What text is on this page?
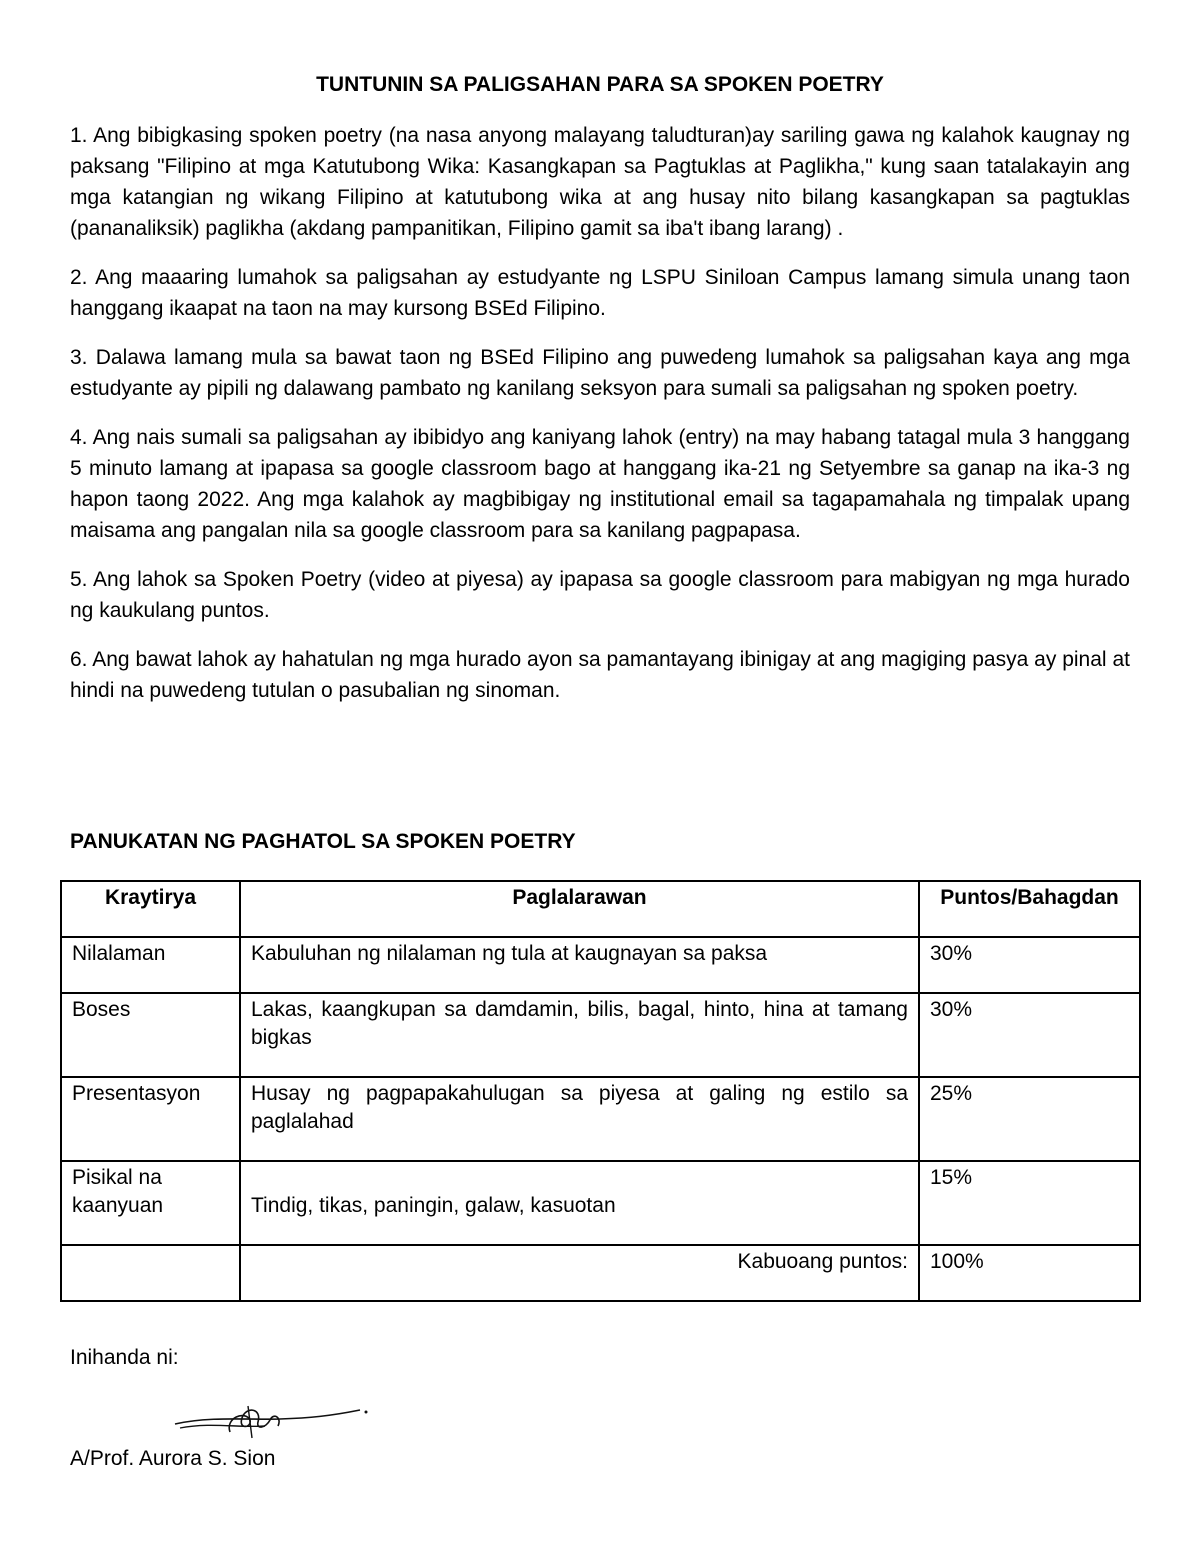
TUNTUNIN SA PALIGSAHAN PARA SA SPOKEN POETRY

1. Ang bibigkasing spoken poetry (na nasa anyong malayang taludturan)ay sariling gawa ng kalahok kaugnay ng paksang "Filipino at mga Katutubong Wika: Kasangkapan sa Pagtuklas at Paglikha," kung saan tatalakayin ang mga katangian ng wikang Filipino at katutubong wika at ang husay nito bilang kasangkapan sa pagtuklas (pananaliksik) paglikha (akdang pampanitikan, Filipino gamit sa iba't ibang larang) .

2. Ang maaaring lumahok sa paligsahan ay estudyante ng LSPU Siniloan Campus lamang simula unang taon hanggang ikaapat na taon na may kursong BSEd Filipino.

3. Dalawa lamang mula sa bawat taon ng BSEd Filipino ang puwedeng lumahok sa paligsahan kaya ang mga estudyante ay pipili ng dalawang pambato ng kanilang seksyon para sumali sa paligsahan ng spoken poetry.

4. Ang nais sumali sa paligsahan ay ibibidyo ang kaniyang lahok (entry) na may habang tatagal mula 3 hanggang 5 minuto lamang at ipapasa sa google classroom bago at hanggang ika-21 ng Setyembre sa ganap na ika-3 ng hapon taong 2022. Ang mga kalahok ay magbibigay ng institutional email sa tagapamahala ng timpalak upang maisama ang pangalan nila sa google classroom para sa kanilang pagpapasa.

5. Ang lahok sa Spoken Poetry (video at piyesa) ay ipapasa sa google classroom para mabigyan ng mga hurado ng kaukulang puntos.

6. Ang bawat lahok ay hahatulan ng mga hurado ayon sa pamantayang ibinigay at ang magiging pasya ay pinal at hindi na puwedeng tutulan o pasubalian ng sinoman.

PANUKATAN NG PAGHATOL SA SPOKEN POETRY

Kraytirya	Paglalarawan	Puntos/Bahagdan
Nilalaman	Kabuluhan ng nilalaman ng tula at kaugnayan sa paksa	30%
Boses	Lakas, kaangkupan sa damdamin, bilis, bagal, hinto, hina at tamang bigkas	30%
Presentasyon	Husay ng pagpapakahulugan sa piyesa at galing ng estilo sa paglalahad	25%
Pisikal na kaanyuan	Tindig, tikas, paningin, galaw, kasuotan	15%
	Kabuoang puntos:	100%

Inihanda ni:

A/Prof. Aurora S. Sion
